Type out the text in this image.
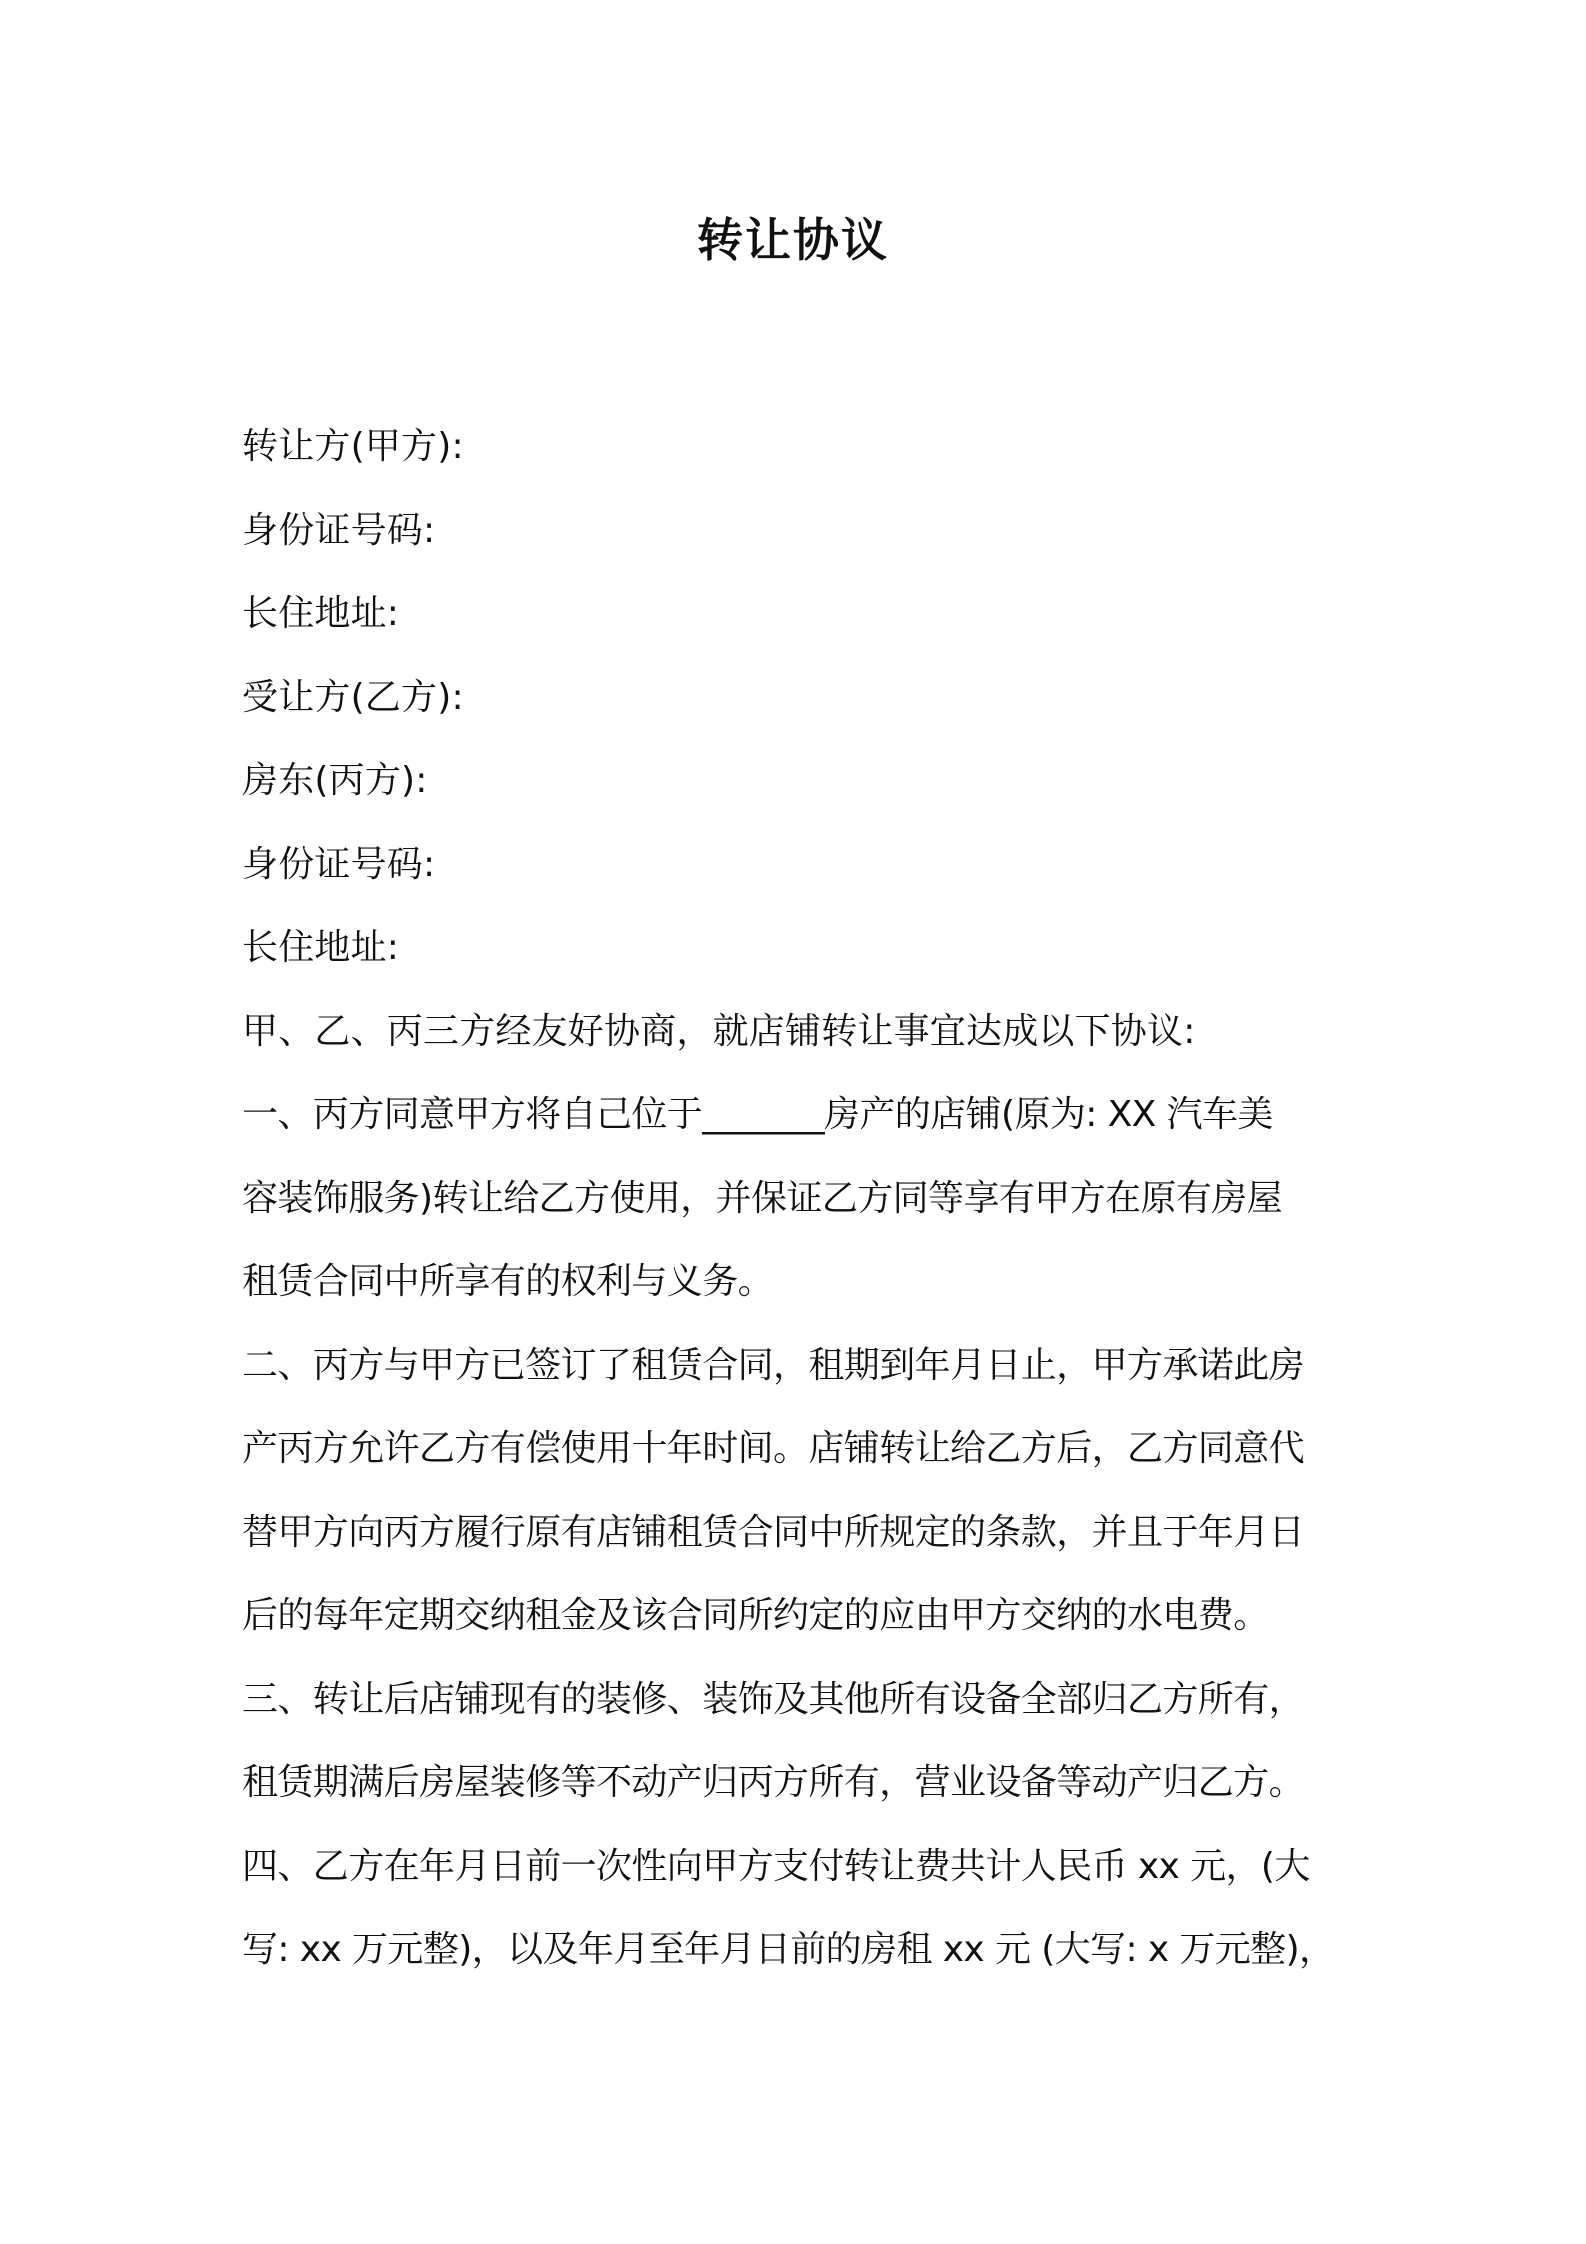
转让协议

转让方(甲方):

身份证号码:

长住地址:

受让方(乙方):

房东(丙方):

身份证号码:

长住地址:

甲、乙、丙三方经友好协商，就店铺转让事宜达成以下协议:

一、丙方同意甲方将自己位于_______房产的店铺(原为: XX 汽车美

容装饰服务)转让给乙方使用，并保证乙方同等享有甲方在原有房屋

租赁合同中所享有的权利与义务。

二、丙方与甲方已签订了租赁合同，租期到年月日止，甲方承诺此房

产丙方允许乙方有偿使用十年时间。店铺转让给乙方后，乙方同意代

替甲方向丙方履行原有店铺租赁合同中所规定的条款，并且于年月日

后的每年定期交纳租金及该合同所约定的应由甲方交纳的水电费。

三、转让后店铺现有的装修、装饰及其他所有设备全部归乙方所有，

租赁期满后房屋装修等不动产归丙方所有，营业设备等动产归乙方。

四、乙方在年月日前一次性向甲方支付转让费共计人民币 xx 元，(大

写: xx 万元整)，以及年月至年月日前的房租 xx 元 (大写: x 万元整)，
